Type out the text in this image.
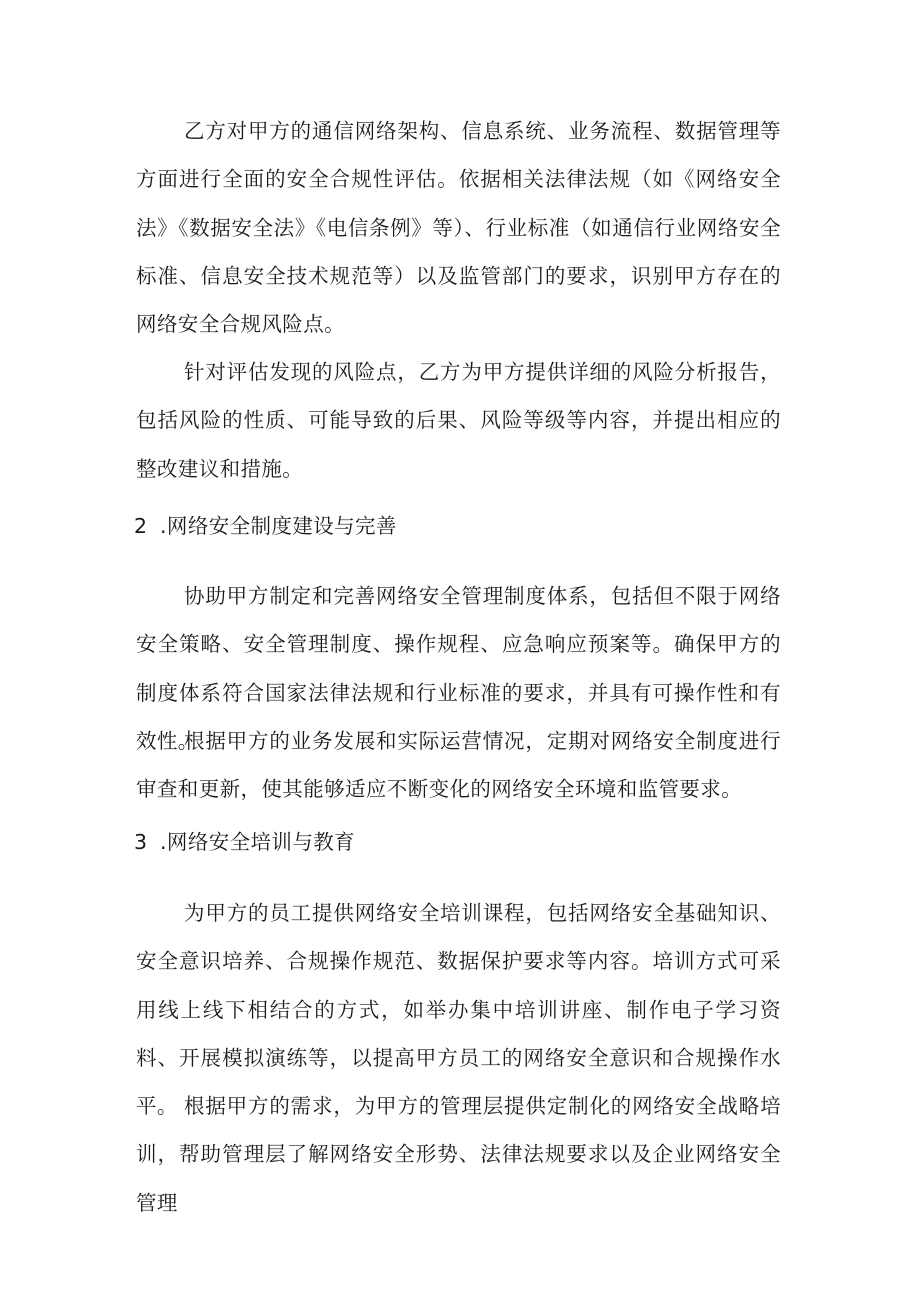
乙方对甲方的通信网络架构、信息系统、业务流程、数据管理等方面进行全面的安全合规性评估。依据相关法律法规（如《网络安全法》《数据安全法》《电信条例》等）、行业标准（如通信行业网络安全标准、信息安全技术规范等）以及监管部门的要求，识别甲方存在的网络安全合规风险点。

针对评估发现的风险点，乙方为甲方提供详细的风险分析报告，包括风险的性质、可能导致的后果、风险等级等内容，并提出相应的整改建议和措施。

2 .网络安全制度建设与完善

协助甲方制定和完善网络安全管理制度体系，包括但不限于网络安全策略、安全管理制度、操作规程、应急响应预案等。确保甲方的制度体系符合国家法律法规和行业标准的要求，并具有可操作性和有效性。

根据甲方的业务发展和实际运营情况，定期对网络安全制度进行审查和更新，使其能够适应不断变化的网络安全环境和监管要求。

3 .网络安全培训与教育

为甲方的员工提供网络安全培训课程，包括网络安全基础知识、安全意识培养、合规操作规范、数据保护要求等内容。培训方式可采用线上线下相结合的方式，如举办集中培训讲座、制作电子学习资料、开展模拟演练等，以提高甲方员工的网络安全意识和合规操作水平。 根据甲方的需求，为甲方的管理层提供定制化的网络安全战略培训，帮助管理层了解网络安全形势、法律法规要求以及企业网络安全管理
